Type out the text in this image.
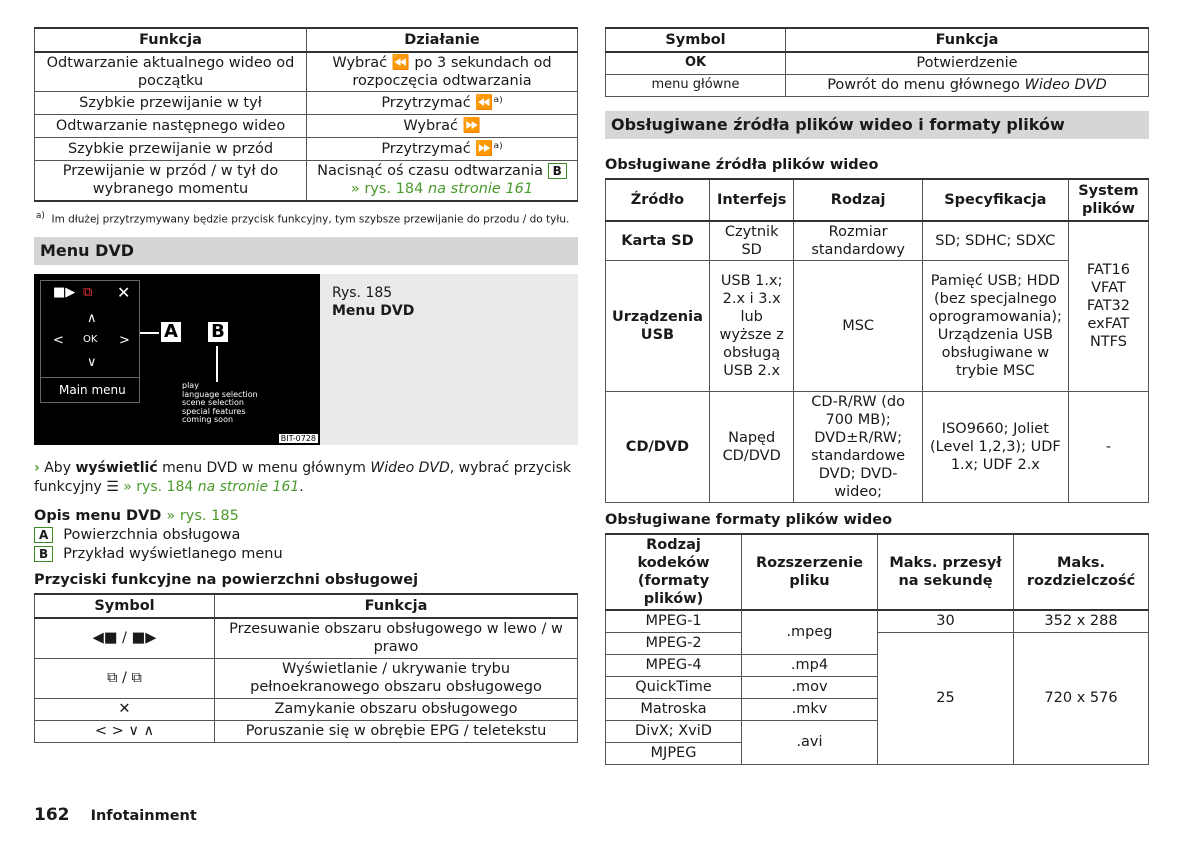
Funkcja	Działanie
Odtwarzanie aktualnego wideo od początku	Wybrać ⏪ po 3 sekundach od rozpoczęcia odtwarzania
Szybkie przewijanie w tył	Przytrzymać ⏪ᵃ⁾
Odtwarzanie następnego wideo	Wybrać ⏩
Szybkie przewijanie w przód	Przytrzymać ⏩ᵃ⁾
Przewijanie w przód / w tył do wybranego momentu	Nacisnąć oś czasu odtwarzania B
» rys. 184 na stronie 161
$^{a)}$ Im dłużej przytrzymywany będzie przycisk funkcyjny, tym szybsze przewijanie do przodu / do tyłu.
Menu DVD
■▶ ⧉ ✕
∧
< OK >
∨
Main menu
A B
play
language selection
scene selection
special features
coming soon
BIT-0728
Rys. 185
Menu DVD
› Aby wyświetlić menu DVD w menu głównym Wideo DVD, wybrać przycisk funkcyjny ☰ » rys. 184 na stronie 161.
Opis menu DVD » rys. 185
A	Powierzchnia obsługowa
B	Przykład wyświetlanego menu
Przyciski funkcyjne na powierzchni obsługowej
Symbol	Funkcja
◀■ / ■▶	Przesuwanie obszaru obsługowego w lewo / w prawo
⧉ / ⧉	Wyświetlanie / ukrywanie trybu pełnoekranowego obszaru obsługowego
✕	Zamykanie obszaru obsługowego
< > ∨ ∧	Poruszanie się w obrębie EPG / teletekstu
Symbol	Funkcja
OK	Potwierdzenie
menu główne	Powrót do menu głównego Wideo DVD
Obsługiwane źródła plików wideo i formaty plików
Obsługiwane źródła plików wideo
Źródło	Interfejs	Rodzaj	Specyfikacja	System plików
Karta SD	Czytnik SD	Rozmiar standardowy	SD; SDHC; SDXC	FAT16 VFAT FAT32 exFAT NTFS
Urządzenia USB	USB 1.x; 2.x i 3.x lub wyższe z obsługą USB 2.x	MSC	Pamięć USB; HDD (bez specjalnego oprogramowania); Urządzenia USB obsługiwane w trybie MSC	
CD/DVD	Napęd CD/DVD	CD-R/RW (do 700 MB); DVD±R/RW; standardowe DVD; DVD-wideo;	ISO9660; Joliet (Level 1,2,3); UDF 1.x; UDF 2.x	-
Obsługiwane formaty plików wideo
Rodzaj kodeków (formaty plików)	Rozszerzenie pliku	Maks. przesył na sekundę	Maks. rozdzielczość
MPEG-1	.mpeg	30	352 x 288
MPEG-2		25	720 x 576
MPEG-4	.mp4		
QuickTime	.mov		
Matroska	.mkv		
DivX; XviD	.avi		
MJPEG			
162 Infotainment
